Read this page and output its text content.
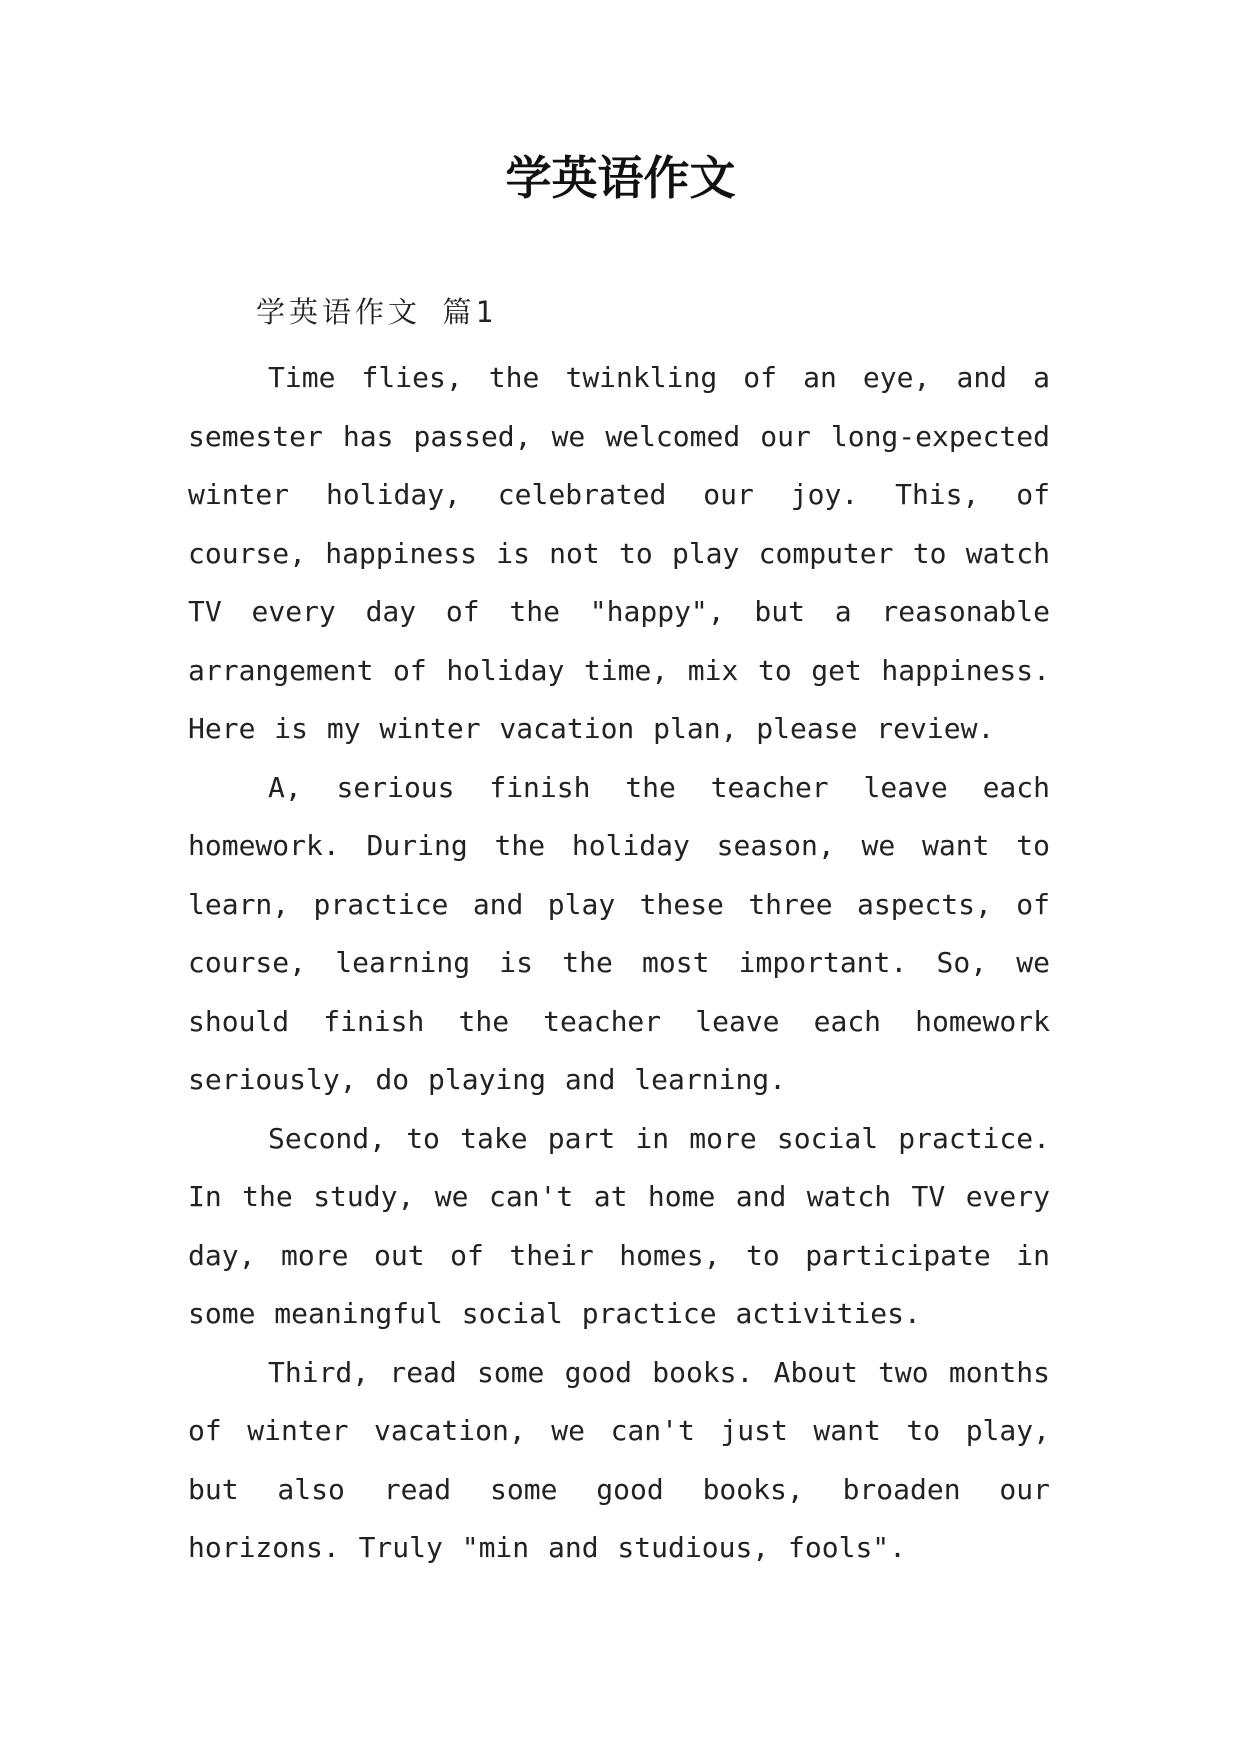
学英语作文

学英语作文 篇1

Time flies, the twinkling of an eye, and a semester has passed, we welcomed our long-expected winter holiday, celebrated our joy. This, of course, happiness is not to play computer to watch TV every day of the "happy", but a reasonable arrangement of holiday time, mix to get happiness. Here is my winter vacation plan, please review.

A, serious finish the teacher leave each homework. During the holiday season, we want to learn, practice and play these three aspects, of course, learning is the most important. So, we should finish the teacher leave each homework seriously, do playing and learning.

Second, to take part in more social practice. In the study, we can't at home and watch TV every day, more out of their homes, to participate in some meaningful social practice activities.

Third, read some good books. About two months of winter vacation, we can't just want to play, but also read some good books, broaden our horizons. Truly "min and studious, fools".
